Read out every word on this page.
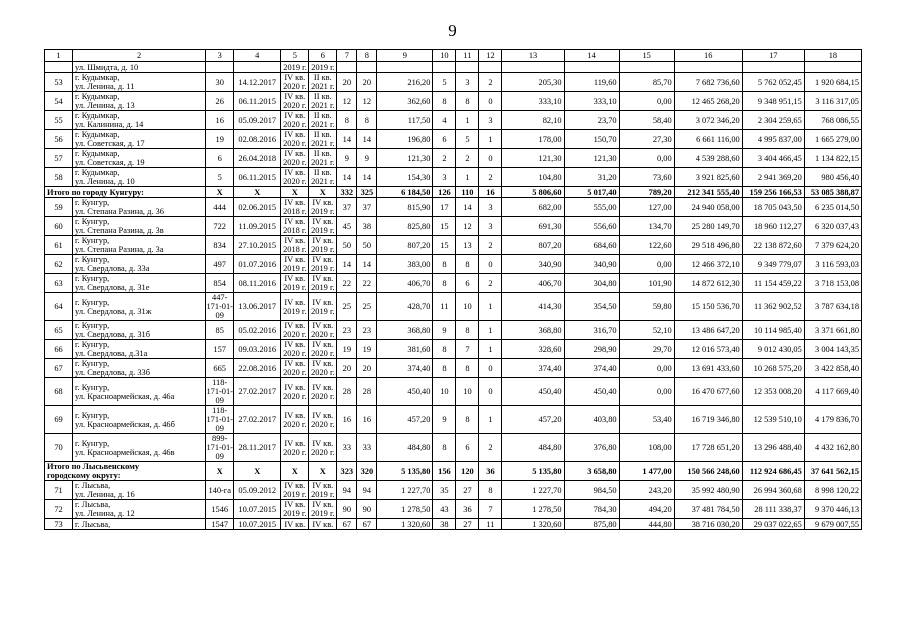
9
1	2	3	4	5	6	7	8	9	10	11	12	13	14	15	16	17	18
	ул. Шмидта, д. 10			2019 г.	2019 г.												
53	г. Кудымкар,
ул. Ленина, д. 11	30	14.12.2017	IV кв.
2020 г.	II кв.
2021 г.	20	20	216,20	5	3	2	205,30	119,60	85,70	7 682 736,60	5 762 052,45	1 920 684,15
54	г. Кудымкар,
ул. Ленина, д. 13	26	06.11.2015	IV кв.
2020 г.	II кв.
2021 г.	12	12	362,60	8	8	0	333,10	333,10	0,00	12 465 268,20	9 348 951,15	3 116 317,05
55	г. Кудымкар,
ул. Калинина, д. 14	16	05.09.2017	IV кв.
2020 г.	II кв.
2021 г.	8	8	117,50	4	1	3	82,10	23,70	58,40	3 072 346,20	2 304 259,65	768 086,55
56	г. Кудымкар,
ул. Советская, д. 17	19	02.08.2016	IV кв.
2020 г.	II кв.
2021 г.	14	14	196,80	6	5	1	178,00	150,70	27,30	6 661 116,00	4 995 837,00	1 665 279,00
57	г. Кудымкар,
ул. Советская, д. 19	6	26.04.2018	IV кв.
2020 г.	II кв.
2021 г.	9	9	121,30	2	2	0	121,30	121,30	0,00	4 539 288,60	3 404 466,45	1 134 822,15
58	г. Кудымкар,
ул. Ленина, д. 10	5	06.11.2015	IV кв.
2020 г.	II кв.
2021 г.	14	14	154,30	3	1	2	104,80	31,20	73,60	3 921 825,60	2 941 369,20	980 456,40
Итого по городу Кунгуру:		X	X	X	X	332	325	6 184,50	126	110	16	5 806,60	5 017,40	789,20	212 341 555,40	159 256 166,53	53 085 388,87
59	г. Кунгур,
ул. Степана Разина, д. 36	444	02.06.2015	IV кв.
2018 г.	IV кв.
2019 г.	37	37	815,90	17	14	3	682,00	555,00	127,00	24 940 058,00	18 705 043,50	6 235 014,50
60	г. Кунгур,
ул. Степана Разина, д. 3в	722	11.09.2015	IV кв.
2018 г.	IV кв.
2019 г.	45	38	825,80	15	12	3	691,30	556,60	134,70	25 280 149,70	18 960 112,27	6 320 037,43
61	г. Кунгур,
ул. Степана Разина, д. 3а	834	27.10.2015	IV кв.
2018 г.	IV кв.
2019 г.	50	50	807,20	15	13	2	807,20	684,60	122,60	29 518 496,80	22 138 872,60	7 379 624,20
62	г. Кунгур,
ул. Свердлова, д. 33а	497	01.07.2016	IV кв.
2019 г.	IV кв.
2019 г.	14	14	383,00	8	8	0	340,90	340,90	0,00	12 466 372,10	9 349 779,07	3 116 593,03
63	г. Кунгур,
ул. Свердлова, д. 31е	854	08.11.2016	IV кв.
2019 г.	IV кв.
2019 г.	22	22	406,70	8	6	2	406,70	304,80	101,90	14 872 612,30	11 154 459,22	3 718 153,08
64	г. Кунгур,
ул. Свердлова, д. 31ж	447-
171-01-
09	13.06.2017	IV кв.
2019 г.	IV кв.
2019 г.	25	25	428,70	11	10	1	414,30	354,50	59,80	15 150 536,70	11 362 902,52	3 787 634,18
65	г. Кунгур,
ул. Свердлова, д. 31б	85	05.02.2016	IV кв.
2020 г.	IV кв.
2020 г.	23	23	368,80	9	8	1	368,80	316,70	52,10	13 486 647,20	10 114 985,40	3 371 661,80
66	г. Кунгур,
ул. Свердлова, д.31а	157	09.03.2016	IV кв.
2020 г.	IV кв.
2020 г.	19	19	381,60	8	7	1	328,60	298,90	29,70	12 016 573,40	9 012 430,05	3 004 143,35
67	г. Кунгур,
ул. Свердлова, д. 33б	665	22.08.2016	IV кв.
2020 г.	IV кв.
2020 г.	20	20	374,40	8	8	0	374,40	374,40	0,00	13 691 433,60	10 268 575,20	3 422 858,40
68	г. Кунгур,
ул. Красноармейская, д. 46а	118-
171-01-
09	27.02.2017	IV кв.
2020 г.	IV кв.
2020 г.	28	28	450,40	10	10	0	450,40	450,40	0,00	16 470 677,60	12 353 008,20	4 117 669,40
69	г. Кунгур,
ул. Красноармейская, д. 46б	118-
171-01-
09	27.02.2017	IV кв.
2020 г.	IV кв.
2020 г.	16	16	457,20	9	8	1	457,20	403,80	53,40	16 719 346,80	12 539 510,10	4 179 836,70
70	г. Кунгур,
ул. Красноармейская, д. 46в	899-
171-01-
09	28.11.2017	IV кв.
2020 г.	IV кв.
2020 г.	33	33	484,80	8	6	2	484,80	376,80	108,00	17 728 651,20	13 296 488,40	4 432 162,80

Итого по Лысьвенскому
городскому округу:		X	X	X	X	323	320	5 135,80	156	120	36	5 135,80	3 658,80	1 477,00	150 566 248,60	112 924 686,45	37 641 562,15
71	г. Лысьва,
ул. Ленина, д. 16	140-га	05.09.2012	IV кв.
2019 г.	IV кв.
2019 г.	94	94	1 227,70	35	27	8	1 227,70	984,50	243,20	35 992 480,90	26 994 360,68	8 998 120,22
72	г. Лысьва,
ул. Ленина, д. 12	1546	10.07.2015	IV кв.
2019 г.	IV кв.
2019 г.	90	90	1 278,50	43	36	7	1 278,50	784,30	494,20	37 481 784,50	28 111 338,37	9 370 446,13
73	г. Лысьва,	1547	10.07.2015	IV кв.	IV кв.	67	67	1 320,60	38	27	11	1 320,60	875,80	444,80	38 716 030,20	29 037 022,65	9 679 007,55
